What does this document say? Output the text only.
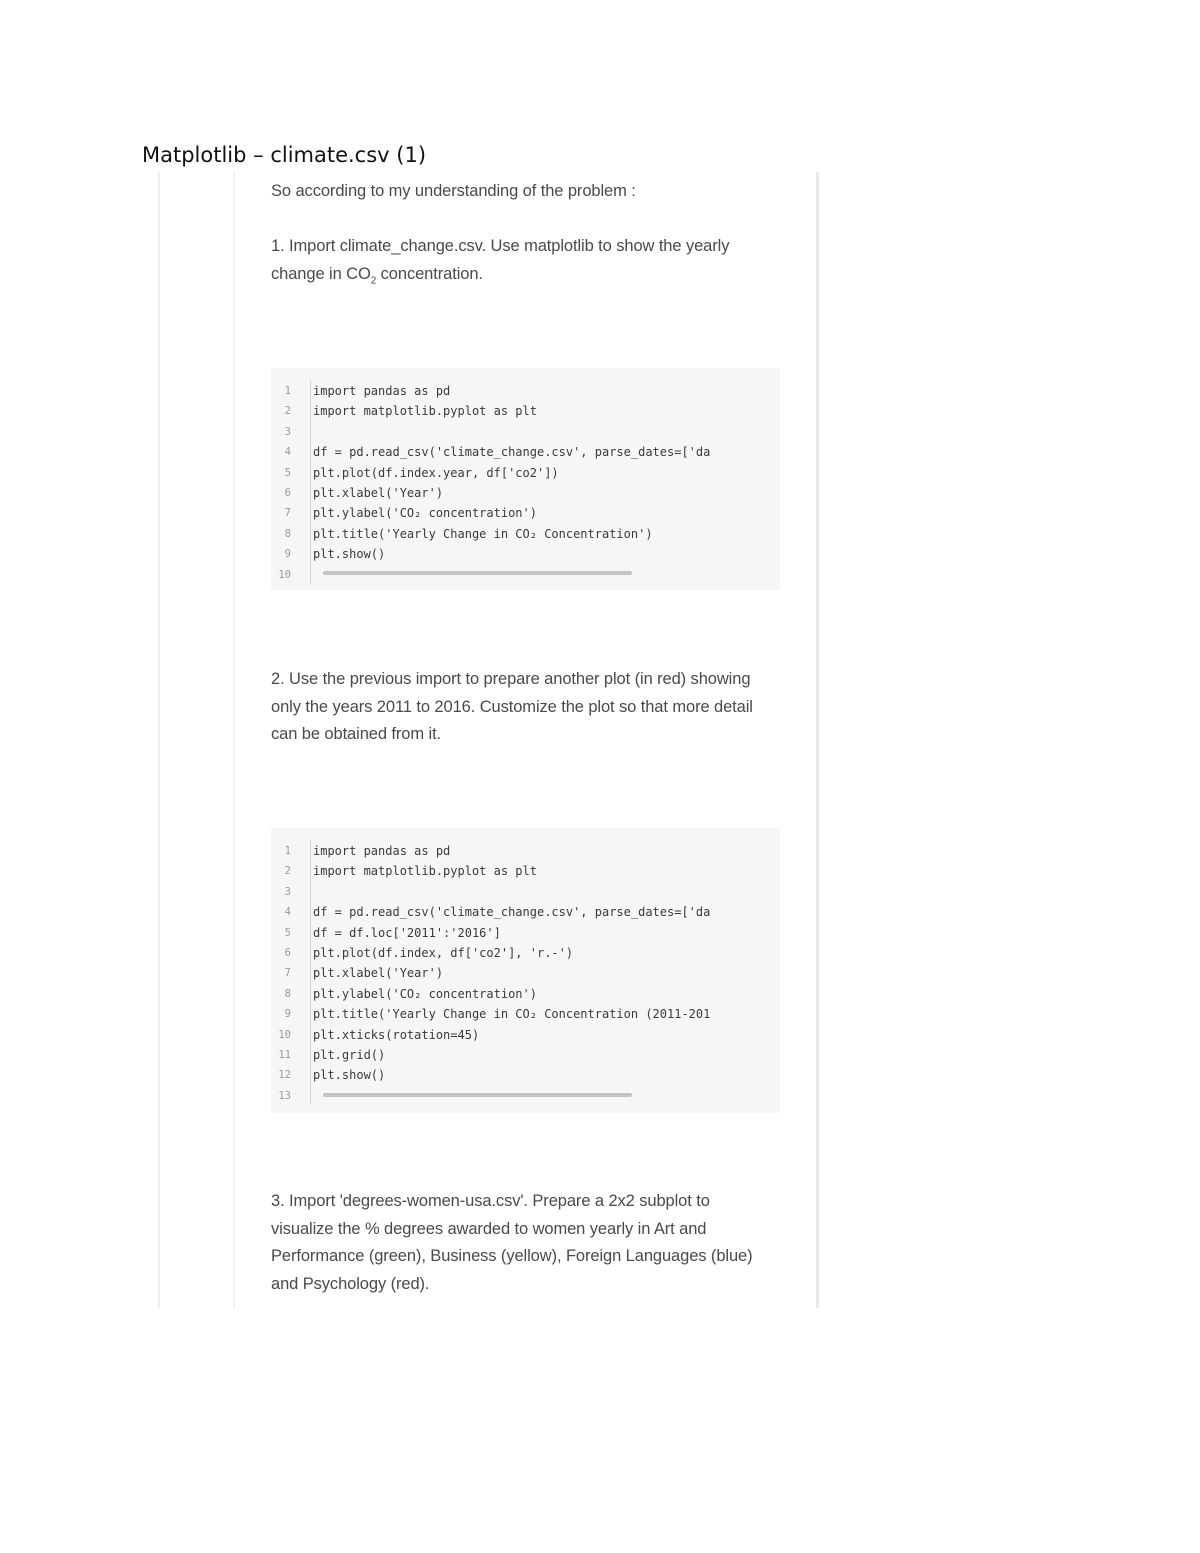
Matplotlib – climate.csv (1)

So according to my understanding of the problem :

1. Import climate_change.csv. Use matplotlib to show the yearly change in $CO_2$ concentration.

1	import pandas as pd
2	import matplotlib.pyplot as plt
3
4	df = pd.read_csv('climate_change.csv', parse_dates=['da
5	plt.plot(df.index.year, df['co2'])
6	plt.xlabel('Year')
7	plt.ylabel('CO₂ concentration')
8	plt.title('Yearly Change in CO₂ Concentration')
9	plt.show()
10

2. Use the previous import to prepare another plot (in red) showing only the years 2011 to 2016. Customize the plot so that more detail can be obtained from it.

1	import pandas as pd
2	import matplotlib.pyplot as plt
3
4	df = pd.read_csv('climate_change.csv', parse_dates=['da
5	df = df.loc['2011':'2016']
6	plt.plot(df.index, df['co2'], 'r.-')
7	plt.xlabel('Year')
8	plt.ylabel('CO₂ concentration')
9	plt.title('Yearly Change in CO₂ Concentration (2011-201
10	plt.xticks(rotation=45)
11	plt.grid()
12	plt.show()
13

3. Import 'degrees-women-usa.csv'. Prepare a 2x2 subplot to visualize the % degrees awarded to women yearly in Art and Performance (green), Business (yellow), Foreign Languages (blue) and Psychology (red).
